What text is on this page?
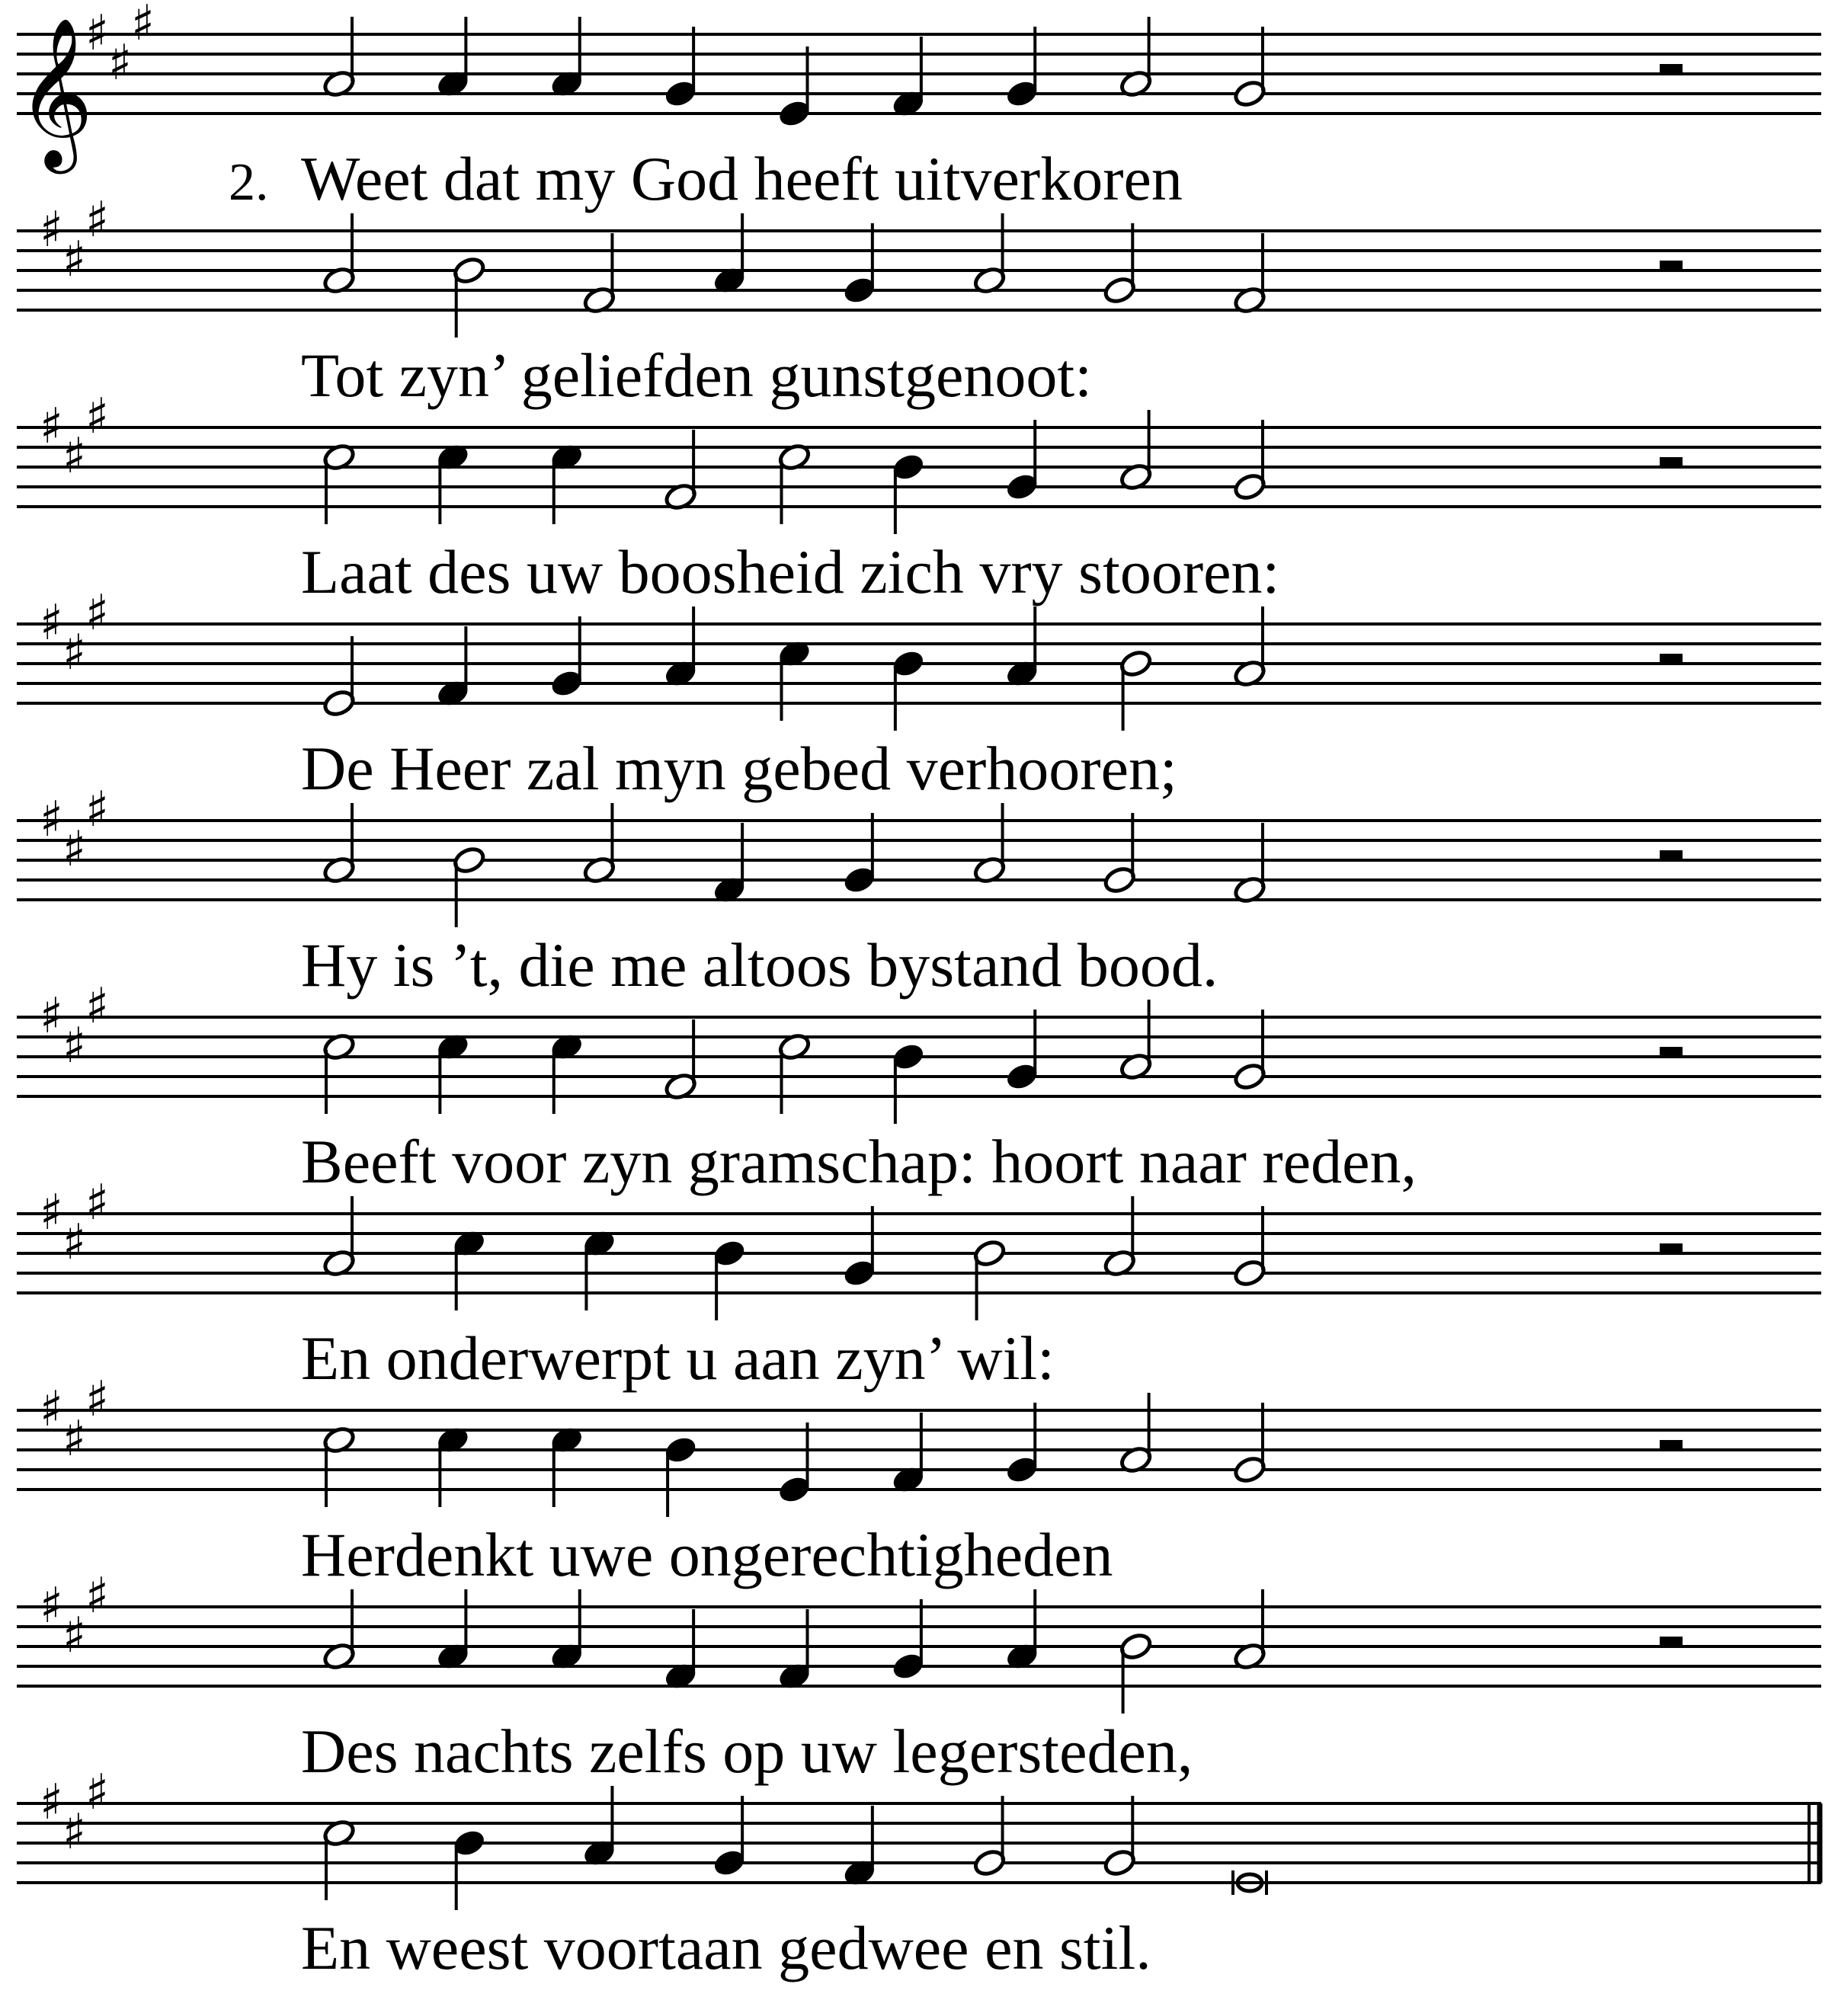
𝄞
♯
♯
♯
2. Weet dat my God heeft uitverkoren
♯
♯
♯
Tot zyn’ geliefden gunstgenoot:
♯
♯
♯
Laat des uw boosheid zich vry stooren:
♯
♯
♯
De Heer zal myn gebed verhooren;
♯
♯
♯
Hy is ’t, die me altoos bystand bood.
♯
♯
♯
Beeft voor zyn gramschap: hoort naar reden,
♯
♯
♯
En onderwerpt u aan zyn’ wil:
♯
♯
♯
Herdenkt uwe ongerechtigheden
♯
♯
♯
Des nachts zelfs op uw legersteden,
♯
♯
♯
En weest voortaan gedwee en stil.
